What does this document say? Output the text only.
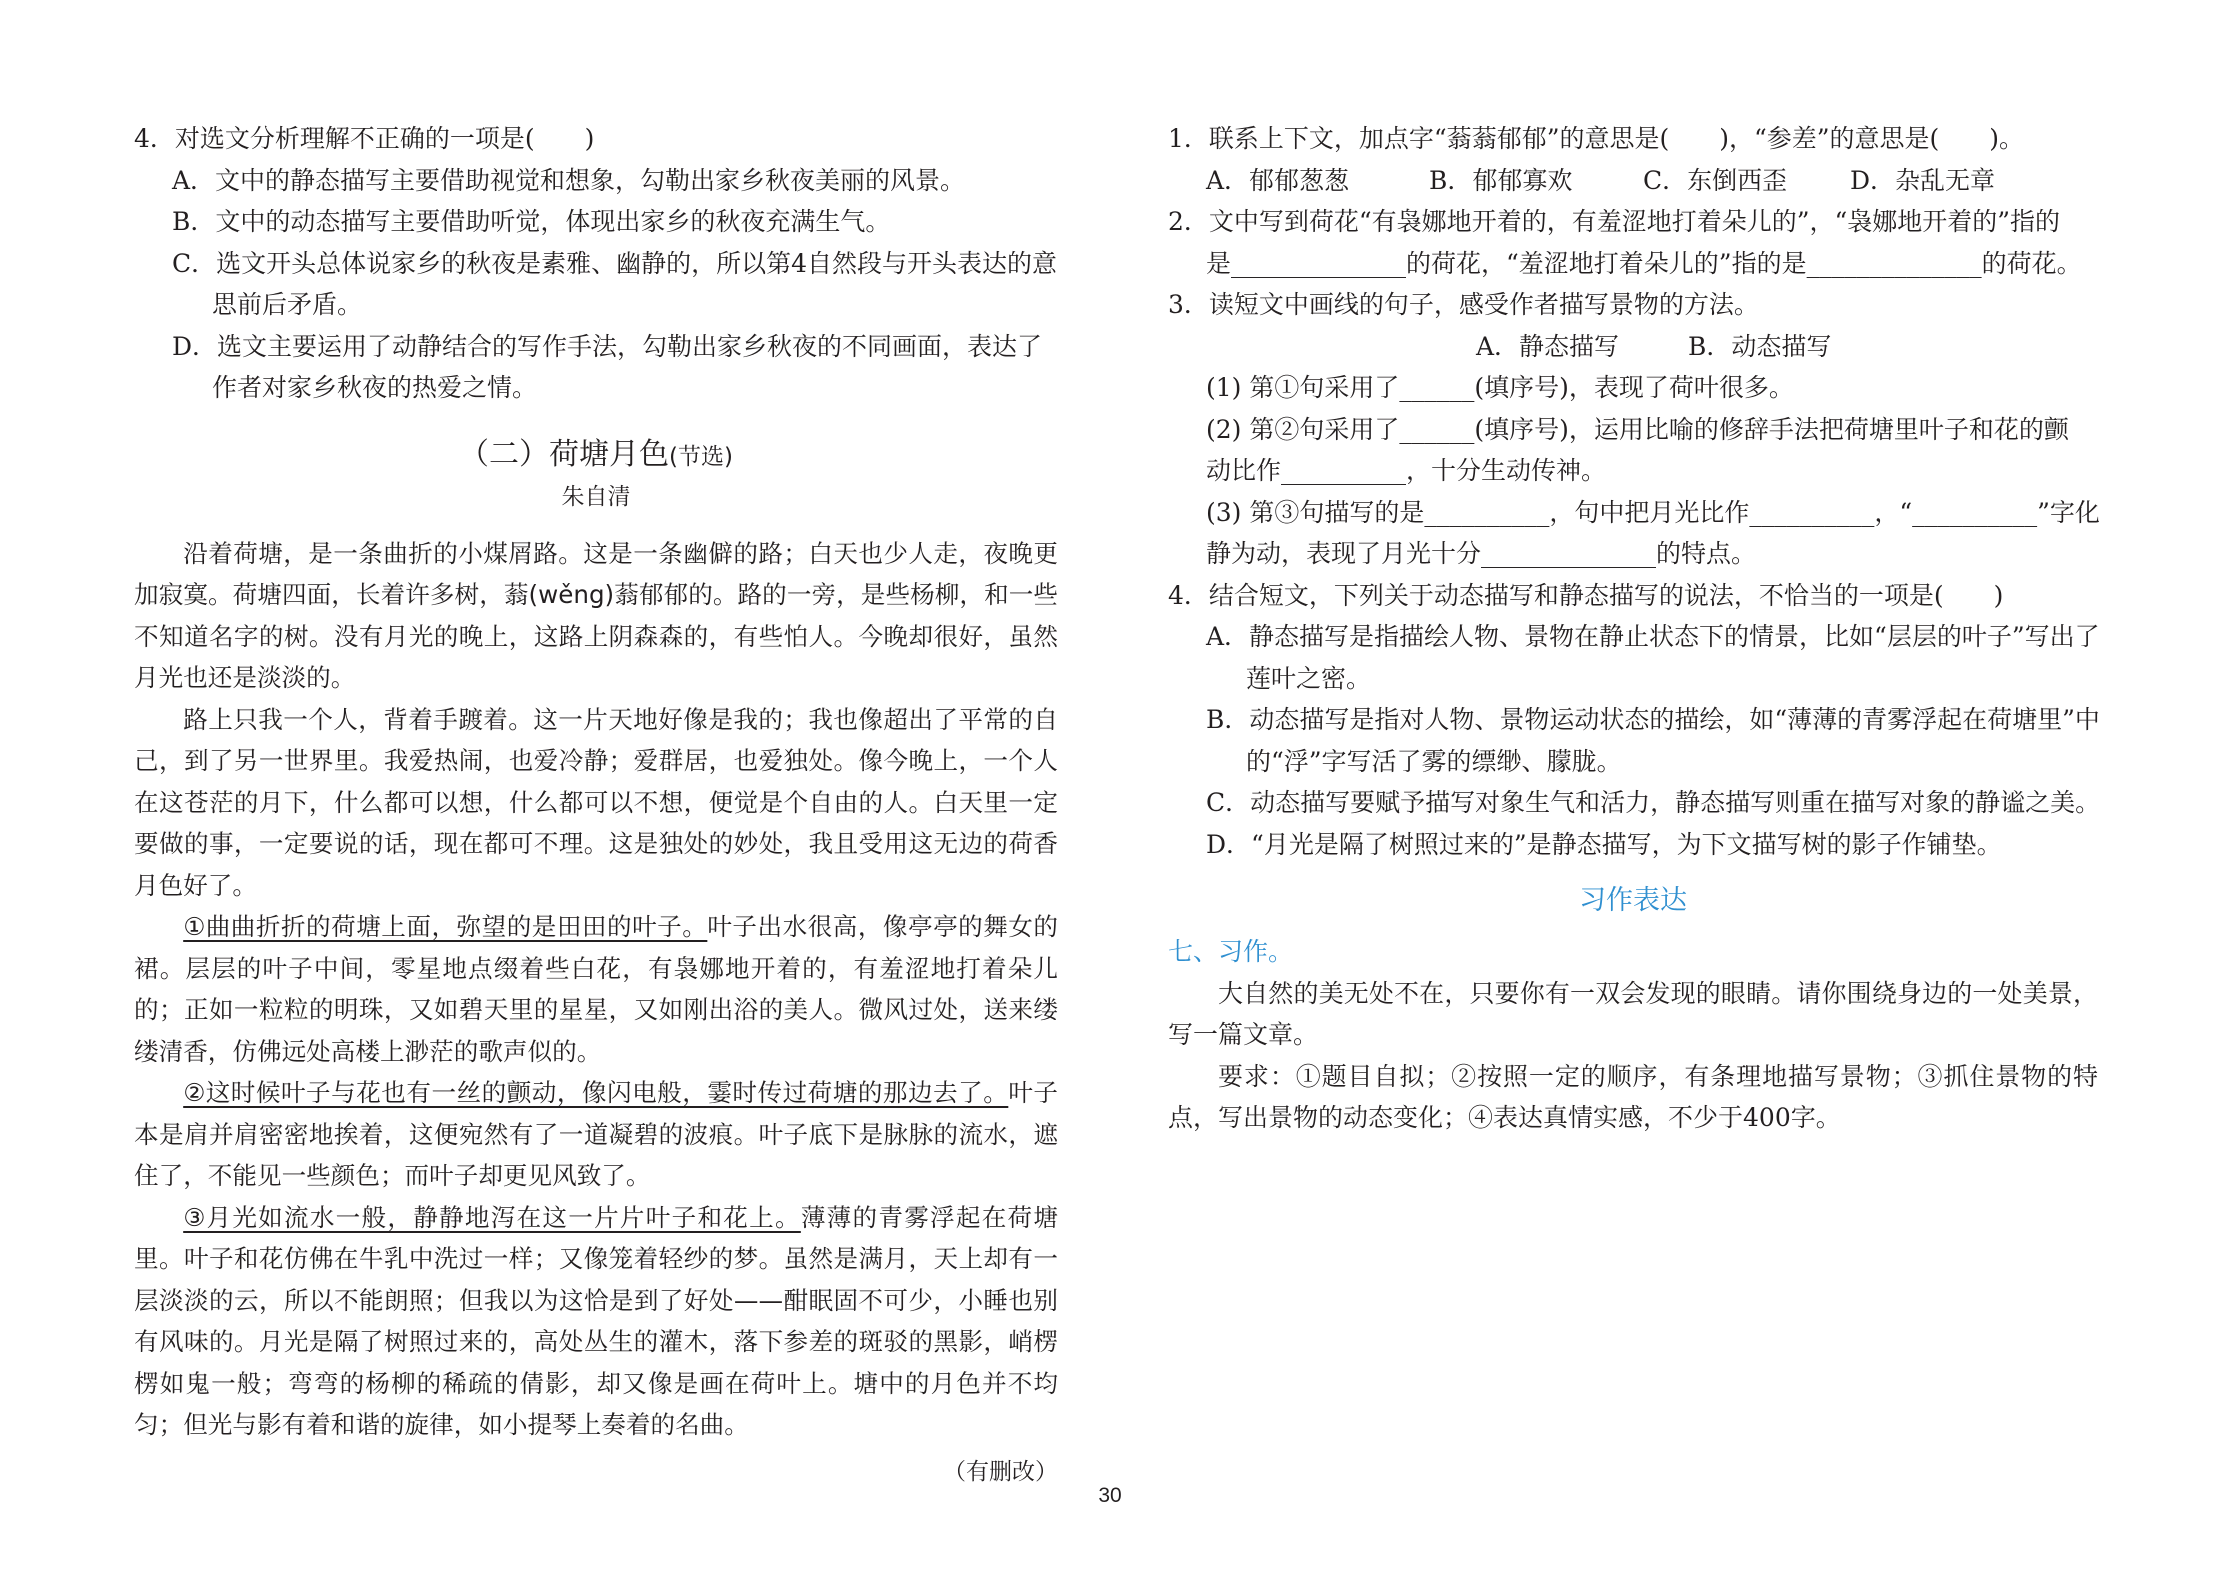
4．对选文分析理解不正确的一项是(　　)
A．文中的静态描写主要借助视觉和想象，勾勒出家乡秋夜美丽的风景。
B．文中的动态描写主要借助听觉，体现出家乡的秋夜充满生气。
C．选文开头总体说家乡的秋夜是素雅、幽静的，所以第4自然段与开头表达的意
思前后矛盾。
D．选文主要运用了动静结合的写作手法，勾勒出家乡秋夜的不同画面，表达了
作者对家乡秋夜的热爱之情。
（二）荷塘月色(节选)
朱自清

沿着荷塘，是一条曲折的小煤屑路。这是一条幽僻的路；白天也少人走，夜晚更加寂寞。荷塘四面，长着许多树，蓊(wěng)蓊郁郁的。路的一旁，是些杨柳，和一些不知道名字的树。没有月光的晚上，这路上阴森森的，有些怕人。今晚却很好，虽然月光也还是淡淡的。

路上只我一个人，背着手踱着。这一片天地好像是我的；我也像超出了平常的自己，到了另一世界里。我爱热闹，也爱冷静；爱群居，也爱独处。像今晚上，一个人在这苍茫的月下，什么都可以想，什么都可以不想，便觉是个自由的人。白天里一定要做的事，一定要说的话，现在都可不理。这是独处的妙处，我且受用这无边的荷香月色好了。

①曲曲折折的荷塘上面，弥望的是田田的叶子。叶子出水很高，像亭亭的舞女的裙。层层的叶子中间，零星地点缀着些白花，有袅娜地开着的，有羞涩地打着朵儿的；正如一粒粒的明珠，又如碧天里的星星，又如刚出浴的美人。微风过处，送来缕缕清香，仿佛远处高楼上渺茫的歌声似的。

②这时候叶子与花也有一丝的颤动，像闪电般，霎时传过荷塘的那边去了。叶子本是肩并肩密密地挨着，这便宛然有了一道凝碧的波痕。叶子底下是脉脉的流水，遮住了，不能见一些颜色；而叶子却更见风致了。

③月光如流水一般，静静地泻在这一片片叶子和花上。薄薄的青雾浮起在荷塘里。叶子和花仿佛在牛乳中洗过一样；又像笼着轻纱的梦。虽然是满月，天上却有一层淡淡的云，所以不能朗照；但我以为这恰是到了好处——酣眠固不可少，小睡也别有风味的。月光是隔了树照过来的，高处丛生的灌木，落下参差的斑驳的黑影，峭楞楞如鬼一般；弯弯的杨柳的稀疏的倩影，却又像是画在荷叶上。塘中的月色并不均匀；但光与影有着和谐的旋律，如小提琴上奏着的名曲。

（有删改）
1．联系上下文，加点字“蓊蓊郁郁”的意思是(　　)，“参差”的意思是(　　)。
A．郁郁葱葱	B．郁郁寡欢	C．东倒西歪	D．杂乱无章
2．文中写到荷花“有袅娜地开着的，有羞涩地打着朵儿的”，“袅娜地开着的”指的
是______________的荷花，“羞涩地打着朵儿的”指的是______________的荷花。
3．读短文中画线的句子，感受作者描写景物的方法。
A．静态描写	B．动态描写
(1) 第①句采用了______(填序号)，表现了荷叶很多。
(2) 第②句采用了______(填序号)，运用比喻的修辞手法把荷塘里叶子和花的颤
动比作__________，十分生动传神。
(3) 第③句描写的是__________，句中把月光比作__________，“__________”字化
静为动，表现了月光十分______________的特点。
4．结合短文，下列关于动态描写和静态描写的说法，不恰当的一项是(　　)
A．静态描写是指描绘人物、景物在静止状态下的情景，比如“层层的叶子”写出了
莲叶之密。
B．动态描写是指对人物、景物运动状态的描绘，如“薄薄的青雾浮起在荷塘里”中
的“浮”字写活了雾的缥缈、朦胧。
C．动态描写要赋予描写对象生气和活力，静态描写则重在描写对象的静谧之美。
D．“月光是隔了树照过来的”是静态描写，为下文描写树的影子作铺垫。
习作表达
七、习作。
大自然的美无处不在，只要你有一双会发现的眼睛。请你围绕身边的一处美景，写一篇文章。
要求：①题目自拟；②按照一定的顺序，有条理地描写景物；③抓住景物的特点，写出景物的动态变化；④表达真情实感，不少于400字。
30
